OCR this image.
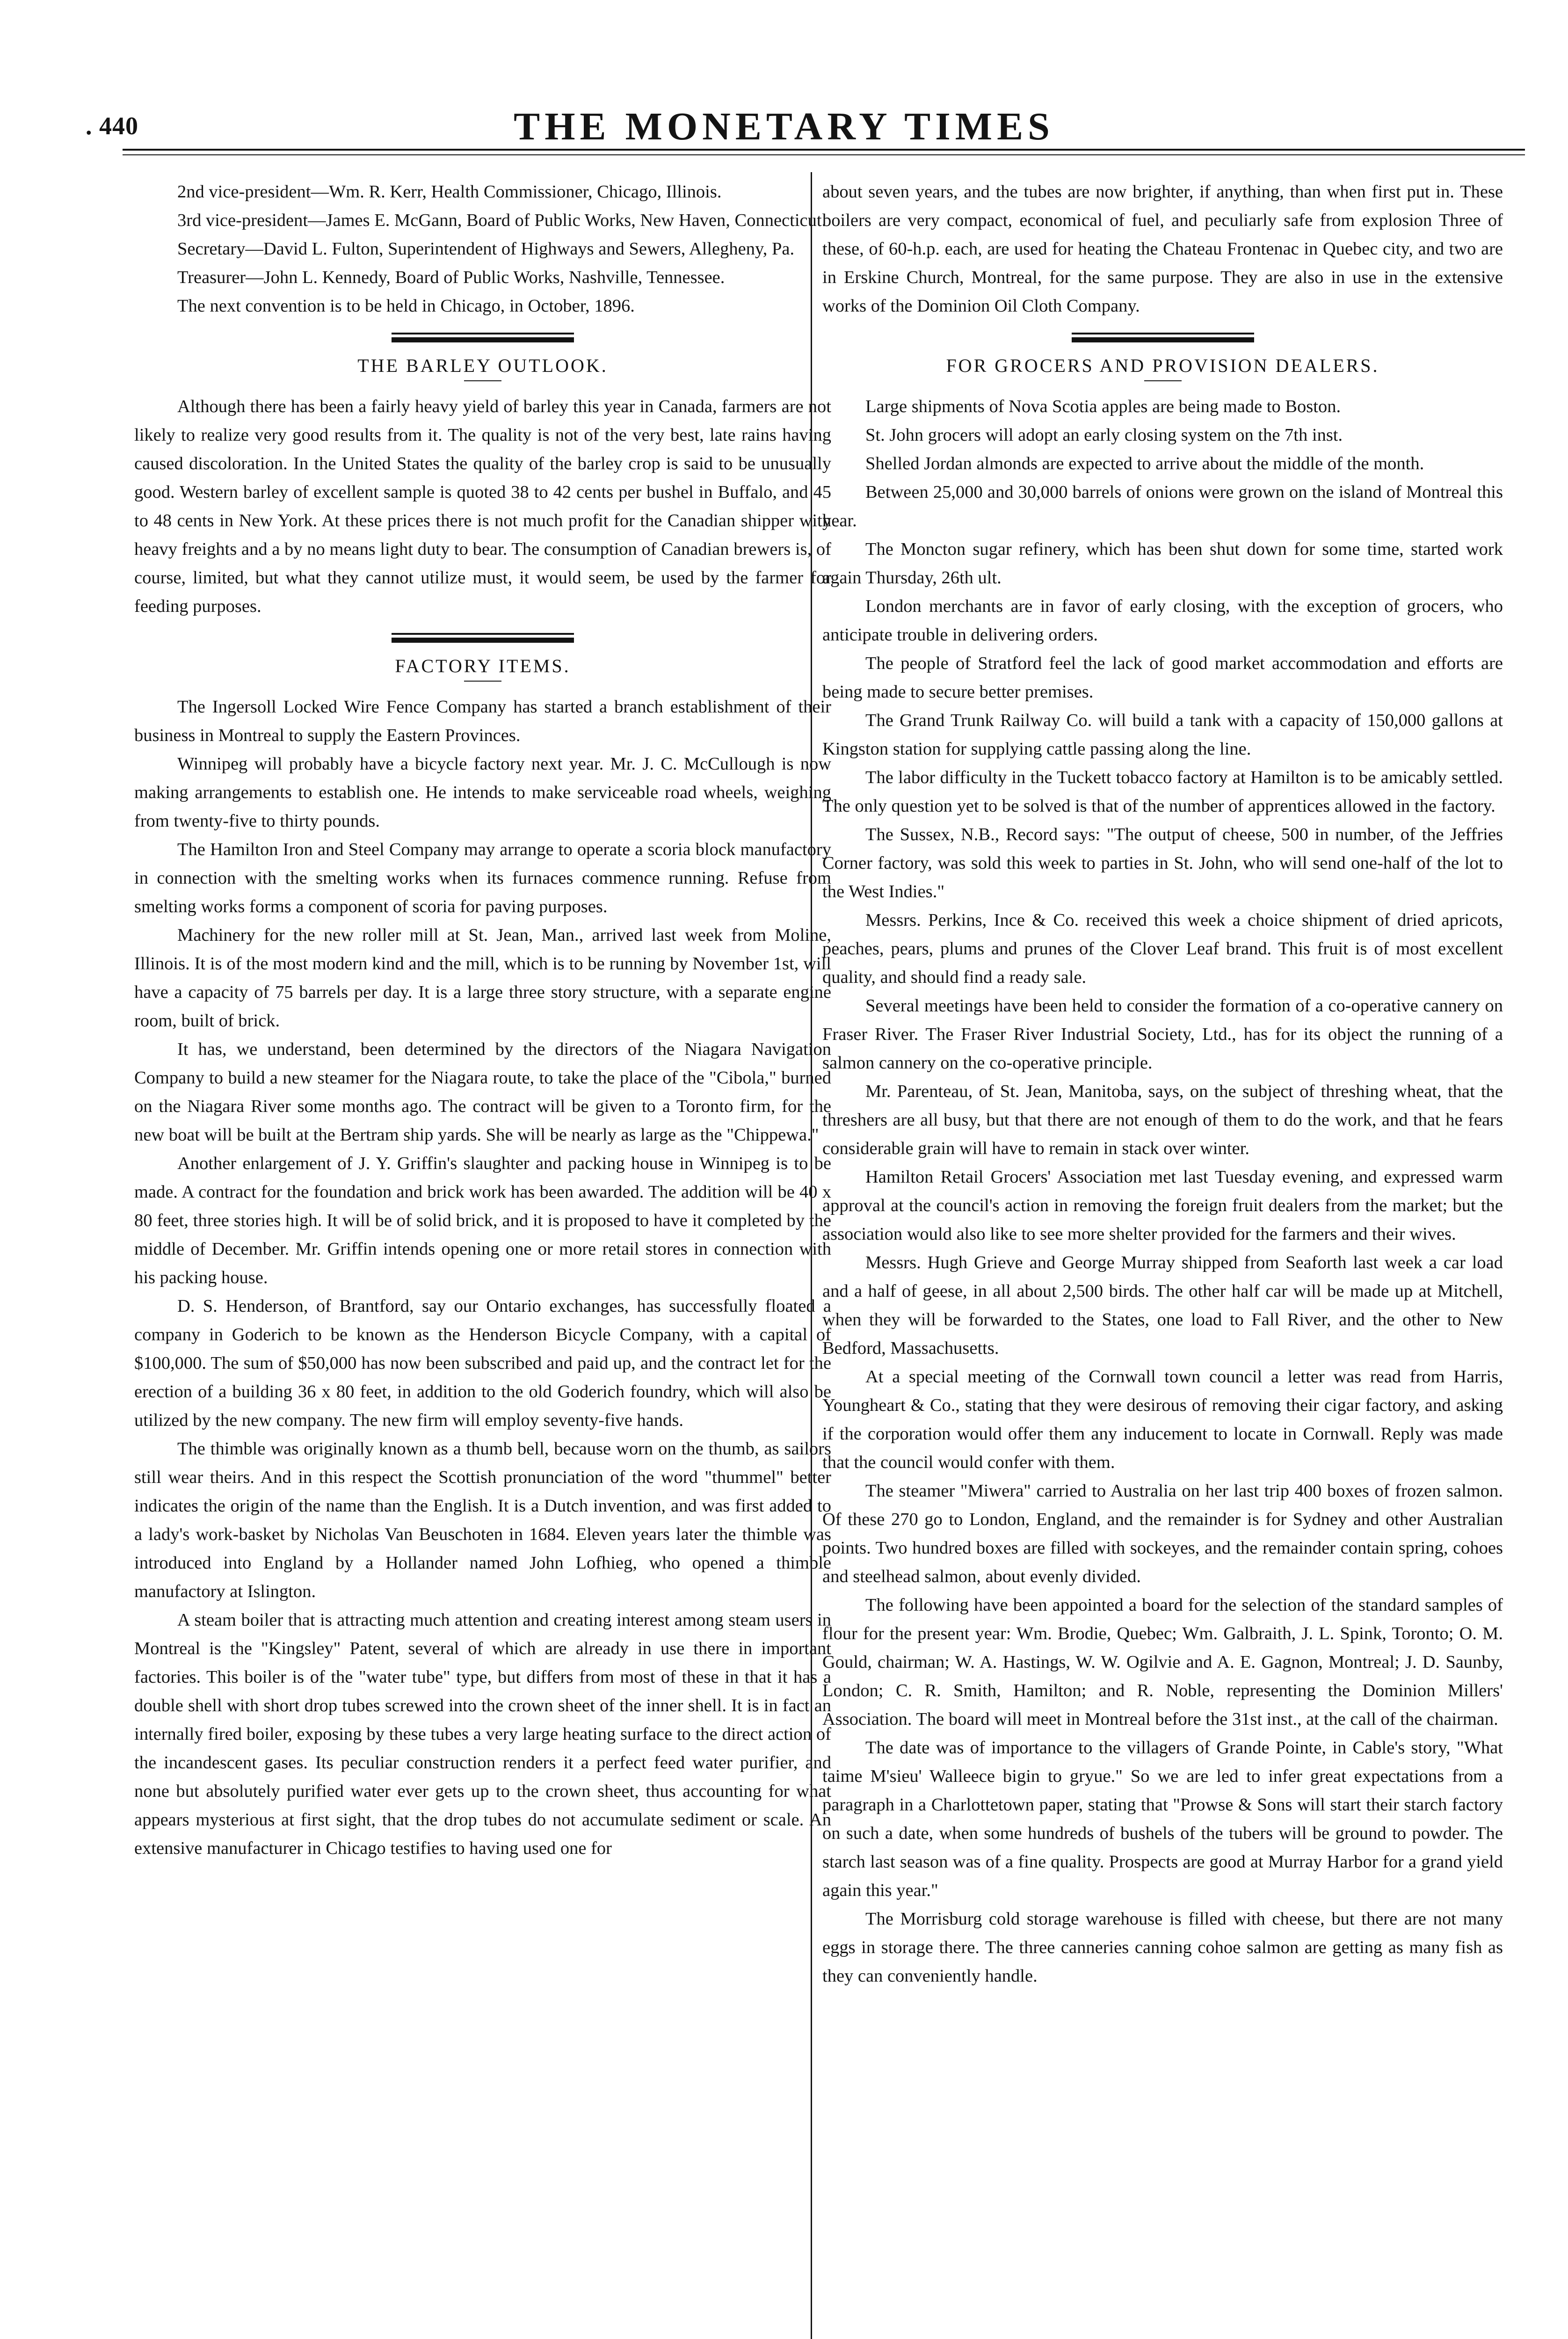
. 440	THE MONETARY TIMES

2nd vice-president—Wm. R. Kerr, Health Commissioner, Chicago, Illinois.

3rd vice-president—James E. McGann, Board of Public Works, New Haven, Connecticut.

Secretary—David L. Fulton, Superintendent of Highways and Sewers, Allegheny, Pa.

Treasurer—John L. Kennedy, Board of Public Works, Nashville, Tennessee.

The next convention is to be held in Chicago, in October, 1896.

THE BARLEY OUTLOOK.

Although there has been a fairly heavy yield of barley this year in Canada, farmers are not likely to realize very good results from it. The quality is not of the very best, late rains having caused discoloration. In the United States the quality of the barley crop is said to be unusually good. Western barley of excellent sample is quoted 38 to 42 cents per bushel in Buffalo, and 45 to 48 cents in New York. At these prices there is not much profit for the Canadian shipper with heavy freights and a by no means light duty to bear. The consumption of Canadian brewers is, of course, limited, but what they cannot utilize must, it would seem, be used by the farmer for feeding purposes.

FACTORY ITEMS.

The Ingersoll Locked Wire Fence Company has started a branch establishment of their business in Montreal to supply the Eastern Provinces.

Winnipeg will probably have a bicycle factory next year. Mr. J. C. McCullough is now making arrangements to establish one. He intends to make serviceable road wheels, weighing from twenty-five to thirty pounds.

The Hamilton Iron and Steel Company may arrange to operate a scoria block manufactory in connection with the smelting works when its furnaces commence running. Refuse from smelting works forms a component of scoria for paving purposes.

Machinery for the new roller mill at St. Jean, Man., arrived last week from Moline, Illinois. It is of the most modern kind and the mill, which is to be running by November 1st, will have a capacity of 75 barrels per day. It is a large three story structure, with a separate engine room, built of brick.

It has, we understand, been determined by the directors of the Niagara Navigation Company to build a new steamer for the Niagara route, to take the place of the "Cibola," burned on the Niagara River some months ago. The contract will be given to a Toronto firm, for the new boat will be built at the Bertram ship yards. She will be nearly as large as the "Chippewa."

Another enlargement of J. Y. Griffin's slaughter and packing house in Winnipeg is to be made. A contract for the foundation and brick work has been awarded. The addition will be 40 x 80 feet, three stories high. It will be of solid brick, and it is proposed to have it completed by the middle of December. Mr. Griffin intends opening one or more retail stores in connection with his packing house.

D. S. Henderson, of Brantford, say our Ontario exchanges, has successfully floated a company in Goderich to be known as the Henderson Bicycle Company, with a capital of $100,000. The sum of $50,000 has now been subscribed and paid up, and the contract let for the erection of a building 36 x 80 feet, in addition to the old Goderich foundry, which will also be utilized by the new company. The new firm will employ seventy-five hands.

The thimble was originally known as a thumb bell, because worn on the thumb, as sailors still wear theirs. And in this respect the Scottish pronunciation of the word "thummel" better indicates the origin of the name than the English. It is a Dutch invention, and was first added to a lady's work-basket by Nicholas Van Beuschoten in 1684. Eleven years later the thimble was introduced into England by a Hollander named John Lofhieg, who opened a thimble manufactory at Islington.

A steam boiler that is attracting much attention and creating interest among steam users in Montreal is the "Kingsley" Patent, several of which are already in use there in important factories. This boiler is of the "water tube" type, but differs from most of these in that it has a double shell with short drop tubes screwed into the crown sheet of the inner shell. It is in fact an internally fired boiler, exposing by these tubes a very large heating surface to the direct action of the incandescent gases. Its peculiar construction renders it a perfect feed water purifier, and none but absolutely purified water ever gets up to the crown sheet, thus accounting for what appears mysterious at first sight, that the drop tubes do not accumulate sediment or scale. An extensive manufacturer in Chicago testifies to having used one for

about seven years, and the tubes are now brighter, if anything, than when first put in. These boilers are very compact, economical of fuel, and peculiarly safe from explosion Three of these, of 60-h.p. each, are used for heating the Chateau Frontenac in Quebec city, and two are in Erskine Church, Montreal, for the same purpose. They are also in use in the extensive works of the Dominion Oil Cloth Company.

FOR GROCERS AND PROVISION DEALERS.

Large shipments of Nova Scotia apples are being made to Boston.

St. John grocers will adopt an early closing system on the 7th inst.

Shelled Jordan almonds are expected to arrive about the middle of the month.

Between 25,000 and 30,000 barrels of onions were grown on the island of Montreal this year.

The Moncton sugar refinery, which has been shut down for some time, started work again Thursday, 26th ult.

London merchants are in favor of early closing, with the exception of grocers, who anticipate trouble in delivering orders.

The people of Stratford feel the lack of good market accommodation and efforts are being made to secure better premises.

The Grand Trunk Railway Co. will build a tank with a capacity of 150,000 gallons at Kingston station for supplying cattle passing along the line.

The labor difficulty in the Tuckett tobacco factory at Hamilton is to be amicably settled. The only question yet to be solved is that of the number of apprentices allowed in the factory.

The Sussex, N.B., Record says: "The output of cheese, 500 in number, of the Jeffries Corner factory, was sold this week to parties in St. John, who will send one-half of the lot to the West Indies."

Messrs. Perkins, Ince & Co. received this week a choice shipment of dried apricots, peaches, pears, plums and prunes of the Clover Leaf brand. This fruit is of most excellent quality, and should find a ready sale.

Several meetings have been held to consider the formation of a co-operative cannery on Fraser River. The Fraser River Industrial Society, Ltd., has for its object the running of a salmon cannery on the co-operative principle.

Mr. Parenteau, of St. Jean, Manitoba, says, on the subject of threshing wheat, that the threshers are all busy, but that there are not enough of them to do the work, and that he fears considerable grain will have to remain in stack over winter.

Hamilton Retail Grocers' Association met last Tuesday evening, and expressed warm approval at the council's action in removing the foreign fruit dealers from the market; but the association would also like to see more shelter provided for the farmers and their wives.

Messrs. Hugh Grieve and George Murray shipped from Seaforth last week a car load and a half of geese, in all about 2,500 birds. The other half car will be made up at Mitchell, when they will be forwarded to the States, one load to Fall River, and the other to New Bedford, Massachusetts.

At a special meeting of the Cornwall town council a letter was read from Harris, Youngheart & Co., stating that they were desirous of removing their cigar factory, and asking if the corporation would offer them any inducement to locate in Cornwall. Reply was made that the council would confer with them.

The steamer "Miwera" carried to Australia on her last trip 400 boxes of frozen salmon. Of these 270 go to London, England, and the remainder is for Sydney and other Australian points. Two hundred boxes are filled with sockeyes, and the remainder contain spring, cohoes and steelhead salmon, about evenly divided.

The following have been appointed a board for the selection of the standard samples of flour for the present year: Wm. Brodie, Quebec; Wm. Galbraith, J. L. Spink, Toronto; O. M. Gould, chairman; W. A. Hastings, W. W. Ogilvie and A. E. Gagnon, Montreal; J. D. Saunby, London; C. R. Smith, Hamilton; and R. Noble, representing the Dominion Millers' Association. The board will meet in Montreal before the 31st inst., at the call of the chairman.

The date was of importance to the villagers of Grande Pointe, in Cable's story, "What taime M'sieu' Walleece bigin to gryue." So we are led to infer great expectations from a paragraph in a Charlottetown paper, stating that "Prowse & Sons will start their starch factory on such a date, when some hundreds of bushels of the tubers will be ground to powder. The starch last season was of a fine quality. Prospects are good at Murray Harbor for a grand yield again this year."

The Morrisburg cold storage warehouse is filled with cheese, but there are not many eggs in storage there. The three canneries canning cohoe salmon are getting as many fish as they can conveniently handle.
